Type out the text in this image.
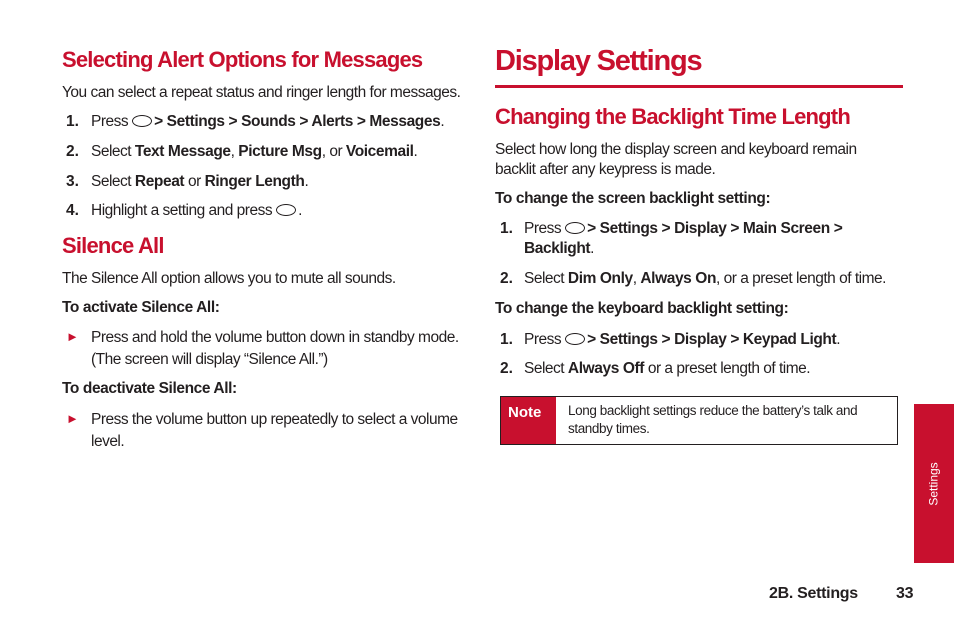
Selecting Alert Options for Messages
You can select a repeat status and ringer length for messages.
1. Press > Settings > Sounds > Alerts > Messages.
2. Select Text Message, Picture Msg, or Voicemail.
3. Select Repeat or Ringer Length.
4. Highlight a setting and press .
Silence All
The Silence All option allows you to mute all sounds.
To activate Silence All:
► Press and hold the volume button down in standby mode.
(The screen will display “Silence All.”)
To deactivate Silence All:
► Press the volume button up repeatedly to select a volume
level.
Display Settings
Changing the Backlight Time Length
Select how long the display screen and keyboard remain
backlit after any keypress is made.
To change the screen backlight setting:
1. Press > Settings > Display > Main Screen >
Backlight.
2. Select Dim Only, Always On, or a preset length of time.
To change the keyboard backlight setting:
1. Press > Settings > Display > Keypad Light.
2. Select Always Off or a preset length of time.
Note	Long backlight settings reduce the battery’s talk and
standby times.
Settings
2B. Settings 33
